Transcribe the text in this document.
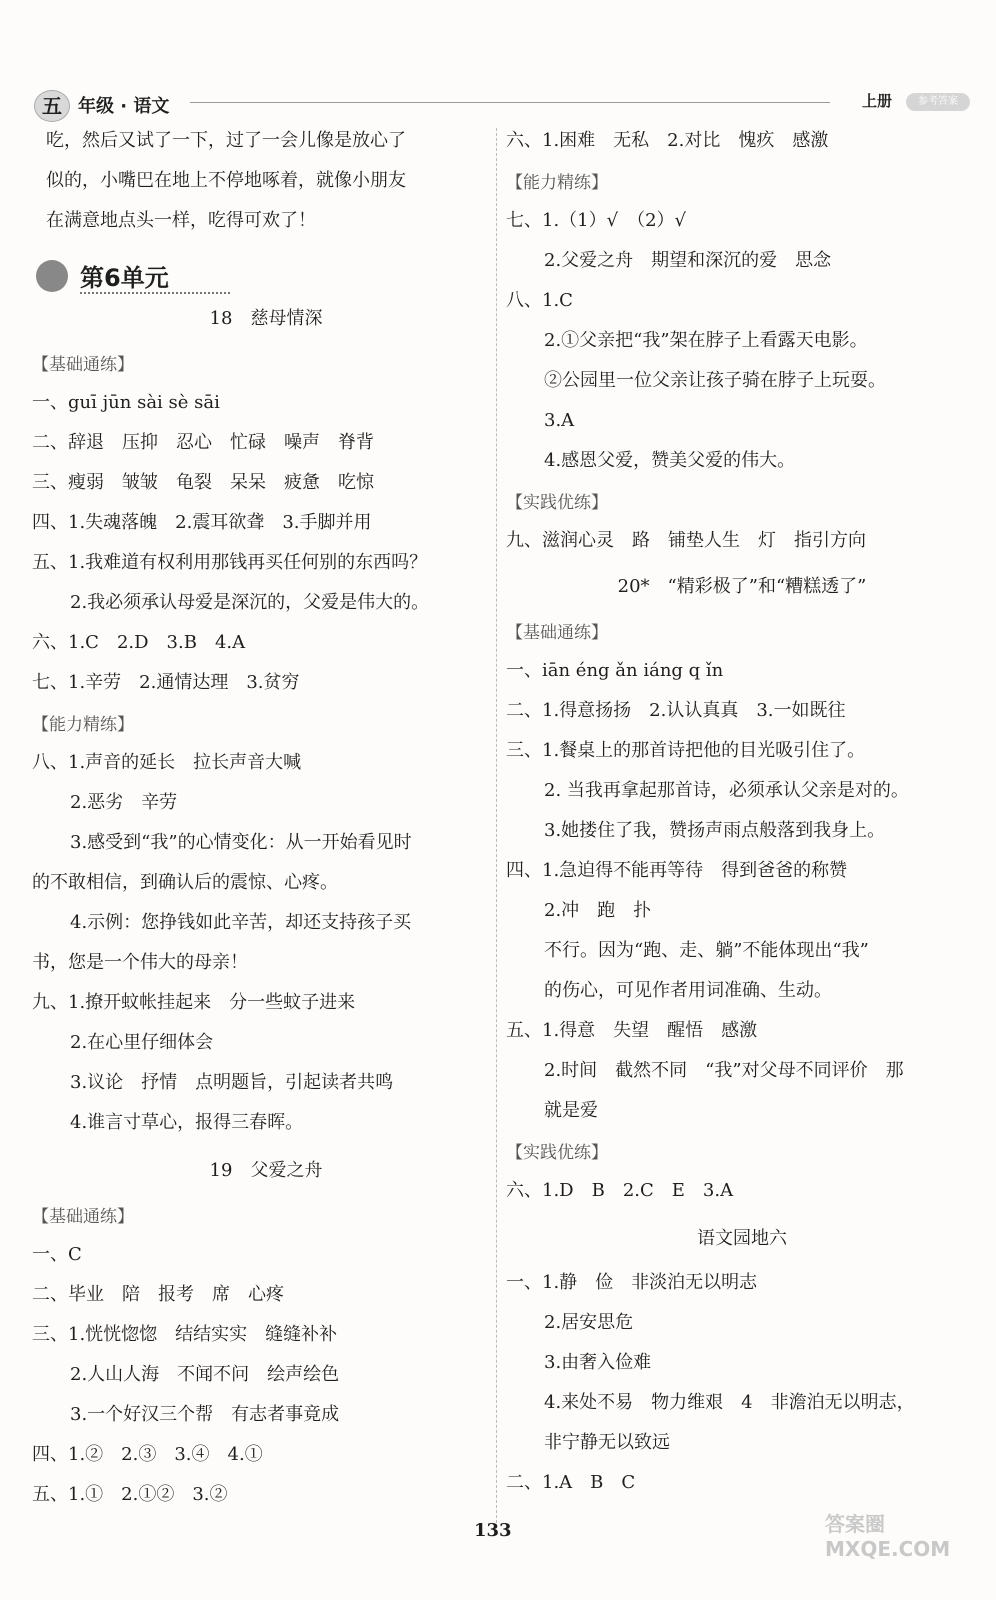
五 年级 · 语文	上册	参考答案
吃，然后又试了一下，过了一会儿像是放心了
似的，小嘴巴在地上不停地啄着，就像小朋友
在满意地点头一样，吃得可欢了！
18　慈母情深
【基础通练】
一、guī jūn sài sè sāi
二、辞退　压抑　忍心　忙碌　噪声　脊背
三、瘦弱　皱皱　龟裂　呆呆　疲惫　吃惊
四、1.失魂落魄　2.震耳欲聋　3.手脚并用
五、1.我难道有权利用那钱再买任何别的东西吗？
2.我必须承认母爱是深沉的，父爱是伟大的。
六、1.C　2.D　3.B　4.A
七、1.辛劳　2.通情达理　3.贫穷
【能力精练】
八、1.声音的延长　拉长声音大喊
2.恶劣　辛劳
3.感受到“我”的心情变化：从一开始看见时
的不敢相信，到确认后的震惊、心疼。
4.示例：您挣钱如此辛苦，却还支持孩子买
书，您是一个伟大的母亲！
九、1.撩开蚊帐挂起来　分一些蚊子进来
2.在心里仔细体会
3.议论　抒情　点明题旨，引起读者共鸣
4.谁言寸草心，报得三春晖。
19　父爱之舟
【基础通练】
一、C
二、毕业　陪　报考　席　心疼
三、1.恍恍惚惚　结结实实　缝缝补补
2.人山人海　不闻不问　绘声绘色
3.一个好汉三个帮　有志者事竟成
四、1.②　2.③　3.④　4.①
五、1.①　2.①②　3.②
第6单元
六、1.困难　无私　2.对比　愧疚　感激
【能力精练】
七、1.（1）√　（2）√
2.父爱之舟　期望和深沉的爱　思念
八、1.C
2.①父亲把“我”架在脖子上看露天电影。
②公园里一位父亲让孩子骑在脖子上玩耍。
3.A
4.感恩父爱，赞美父爱的伟大。
【实践优练】
九、滋润心灵　路　铺垫人生　灯　指引方向
20*　“精彩极了”和“糟糕透了”
【基础通练】
一、iān éng ǎn iáng q ǐn
二、1.得意扬扬　2.认认真真　3.一如既往
三、1.餐桌上的那首诗把他的目光吸引住了。
2. 当我再拿起那首诗，必须承认父亲是对的。
3.她搂住了我，赞扬声雨点般落到我身上。
四、1.急迫得不能再等待　得到爸爸的称赞
2.冲　跑　扑
不行。因为“跑、走、躺”不能体现出“我”
的伤心，可见作者用词准确、生动。
五、1.得意　失望　醒悟　感激
2.时间　截然不同　“我”对父母不同评价　那
就是爱
【实践优练】
六、1.D　B　2.C　E　3.A
语文园地六
一、1.静　俭　非淡泊无以明志
2.居安思危
3.由奢入俭难
4.来处不易　物力维艰　4　非澹泊无以明志，
非宁静无以致远
二、1.A　B　C
133	答案圈 MXQE.COM
